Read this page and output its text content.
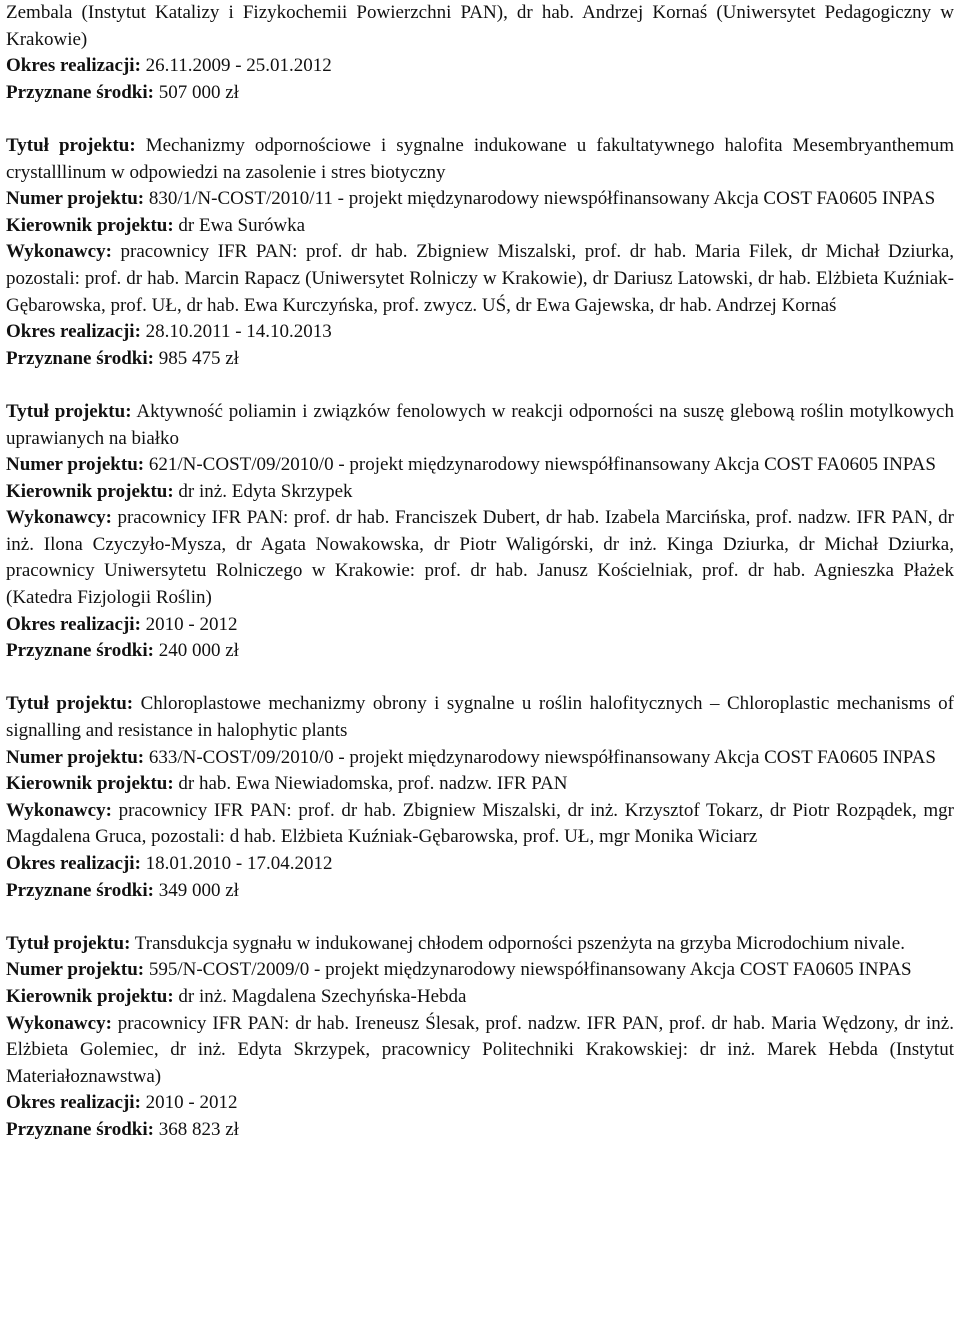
Zembala (Instytut Katalizy i Fizykochemii Powierzchni PAN), dr hab. Andrzej Kornaś (Uniwersytet Pedagogiczny w Krakowie)

Okres realizacji: 26.11.2009 - 25.01.2012

Przyznane środki: 507 000 zł

Tytuł projektu: Mechanizmy odpornościowe i sygnalne indukowane u fakultatywnego halofita Mesembryanthemum crystalllinum w odpowiedzi na zasolenie i stres biotyczny

Numer projektu: 830/1/N-COST/2010/11 - projekt międzynarodowy niewspółfinansowany Akcja COST FA0605 INPAS

Kierownik projektu: dr Ewa Surówka

Wykonawcy: pracownicy IFR PAN: prof. dr hab. Zbigniew Miszalski, prof. dr hab. Maria Filek, dr Michał Dziurka, pozostali: prof. dr hab. Marcin Rapacz (Uniwersytet Rolniczy w Krakowie), dr Dariusz Latowski, dr hab. Elżbieta Kuźniak-Gębarowska, prof. UŁ, dr hab. Ewa Kurczyńska, prof. zwycz. UŚ, dr Ewa Gajewska, dr hab. Andrzej Kornaś

Okres realizacji: 28.10.2011 - 14.10.2013

Przyznane środki: 985 475 zł

Tytuł projektu: Aktywność poliamin i związków fenolowych w reakcji odporności na suszę glebową roślin motylkowych uprawianych na białko

Numer projektu: 621/N-COST/09/2010/0 - projekt międzynarodowy niewspółfinansowany Akcja COST FA0605 INPAS

Kierownik projektu: dr inż. Edyta Skrzypek

Wykonawcy: pracownicy IFR PAN: prof. dr hab. Franciszek Dubert, dr hab. Izabela Marcińska, prof. nadzw. IFR PAN, dr inż. Ilona Czyczyło-Mysza, dr Agata Nowakowska, dr Piotr Waligórski, dr inż. Kinga Dziurka, dr Michał Dziurka, pracownicy Uniwersytetu Rolniczego w Krakowie: prof. dr hab. Janusz Kościelniak, prof. dr hab. Agnieszka Płażek (Katedra Fizjologii Roślin)

Okres realizacji: 2010 - 2012

Przyznane środki: 240 000 zł

Tytuł projektu: Chloroplastowe mechanizmy obrony i sygnalne u roślin halofitycznych – Chloroplastic mechanisms of signalling and resistance in halophytic plants

Numer projektu: 633/N-COST/09/2010/0 - projekt międzynarodowy niewspółfinansowany Akcja COST FA0605 INPAS

Kierownik projektu: dr hab. Ewa Niewiadomska, prof. nadzw. IFR PAN

Wykonawcy: pracownicy IFR PAN: prof. dr hab. Zbigniew Miszalski, dr inż. Krzysztof Tokarz, dr Piotr Rozpądek, mgr Magdalena Gruca, pozostali: d hab. Elżbieta Kuźniak-Gębarowska, prof. UŁ, mgr Monika Wiciarz

Okres realizacji: 18.01.2010 - 17.04.2012

Przyznane środki: 349 000 zł

Tytuł projektu: Transdukcja sygnału w indukowanej chłodem odporności pszenżyta na grzyba Microdochium nivale.

Numer projektu: 595/N-COST/2009/0 - projekt międzynarodowy niewspółfinansowany Akcja COST FA0605 INPAS

Kierownik projektu: dr inż. Magdalena Szechyńska-Hebda

Wykonawcy: pracownicy IFR PAN: dr hab. Ireneusz Ślesak, prof. nadzw. IFR PAN, prof. dr hab. Maria Wędzony, dr inż. Elżbieta Golemiec, dr inż. Edyta Skrzypek, pracownicy Politechniki Krakowskiej: dr inż. Marek Hebda (Instytut Materiałoznawstwa)

Okres realizacji: 2010 - 2012

Przyznane środki: 368 823 zł
